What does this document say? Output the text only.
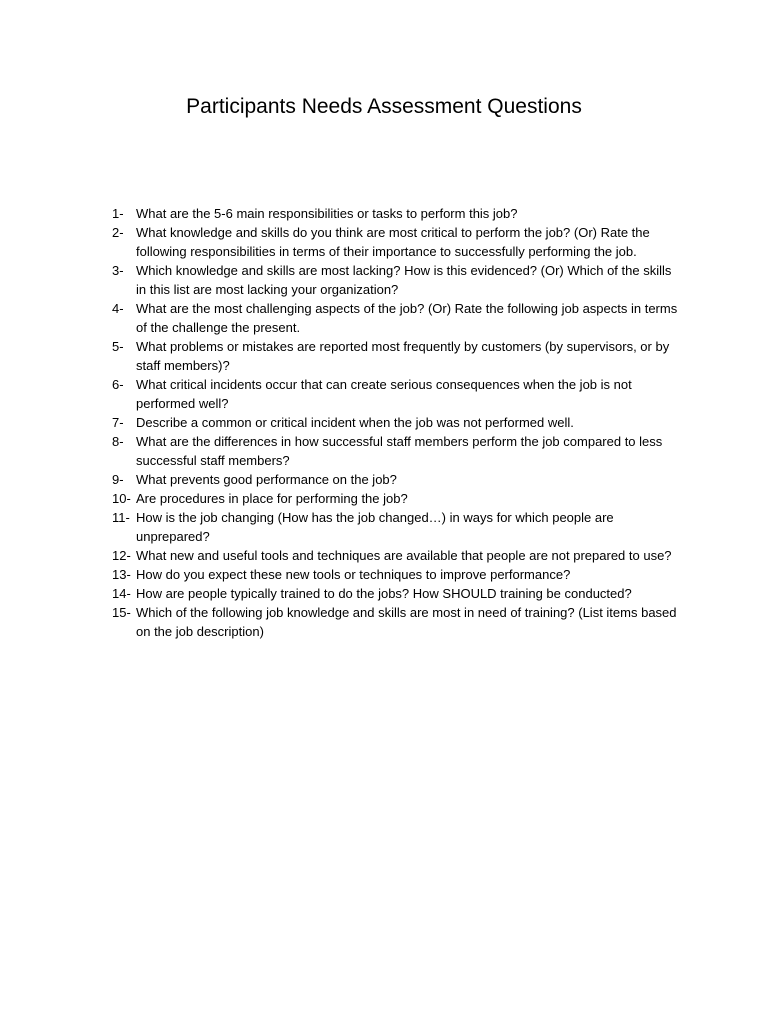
Participants Needs Assessment Questions
1- What are the 5-6 main responsibilities or tasks to perform this job?
2- What knowledge and skills do you think are most critical to perform the job? (Or) Rate the following responsibilities in terms of their importance to successfully performing the job.
3- Which knowledge and skills are most lacking? How is this evidenced? (Or) Which of the skills in this list are most lacking your organization?
4- What are the most challenging aspects of the job? (Or) Rate the following job aspects in terms of the challenge the present.
5- What problems or mistakes are reported most frequently by customers (by supervisors, or by staff members)?
6- What critical incidents occur that can create serious consequences when the job is not performed well?
7- Describe a common or critical incident when the job was not performed well.
8- What are the differences in how successful staff members perform the job compared to less successful staff members?
9- What prevents good performance on the job?
10- Are procedures in place for performing the job?
11- How is the job changing (How has the job changed…) in ways for which people are unprepared?
12- What new and useful tools and techniques are available that people are not prepared to use?
13- How do you expect these new tools or techniques to improve performance?
14- How are people typically trained to do the jobs? How SHOULD training be conducted?
15- Which of the following job knowledge and skills are most in need of training? (List items based on the job description)
